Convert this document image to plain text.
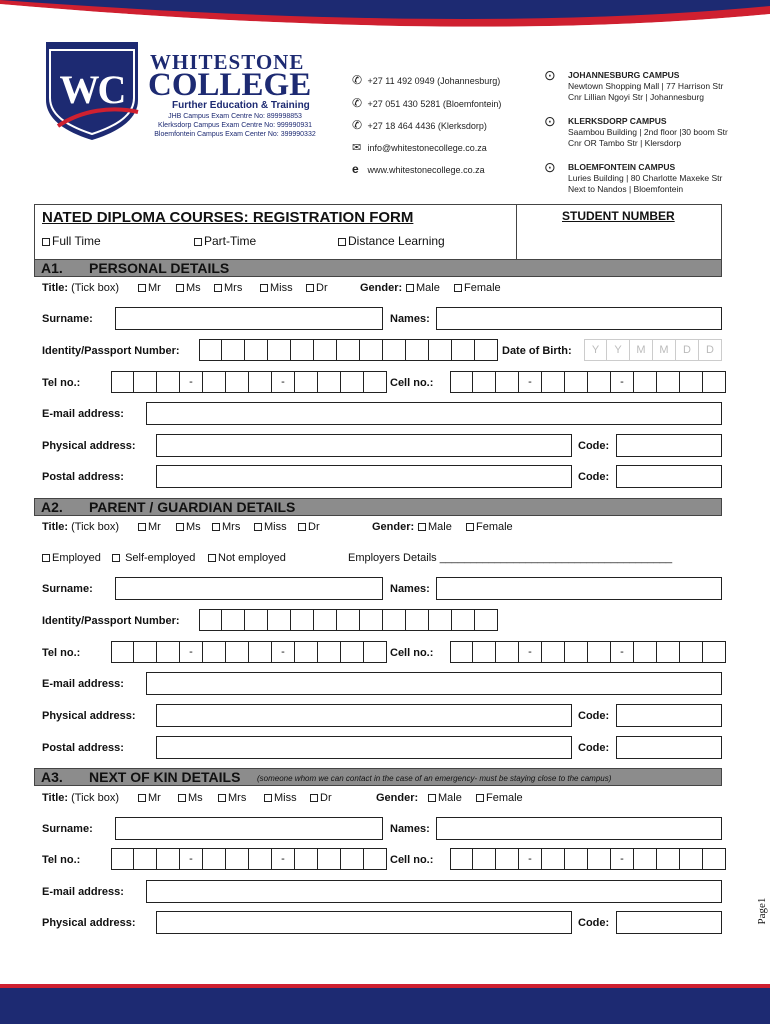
WC
WHITESTONE
COLLEGE
Further Education & Training
JHB Campus Exam Centre No: 899998853
Klerksdorp Campus Exam Centre No: 999990931
Bloemfontein Campus Exam Center No: 399990332
✆ +27 11 492 0949 (Johannesburg)
✆ +27 051 430 5281 (Bloemfontein)
✆ +27 18 464 4436 (Klerksdorp)
✉ info@whitestonecollege.co.za
e www.whitestonecollege.co.za
⊙ JOHANNESBURG CAMPUS
Newtown Shopping Mall | 77 Harrison Str
Cnr Lillian Ngoyi Str | Johannesburg
⊙ KLERKSDORP CAMPUS
Saambou Building | 2nd floor |30 boom Str
Cnr OR Tambo Str | Klersdorp
⊙ BLOEMFONTEIN CAMPUS
Luries Building | 80 Charlotte Maxeke Str
Next to Nandos | Bloemfontein
NATED DIPLOMA COURSES: REGISTRATION FORM	STUDENT NUMBER
Full Time	Part-Time	Distance Learning
A1. PERSONAL DETAILS
Title: (Tick box)	Mr	Ms	Mrs	Miss	Dr	Gender:	Male	Female
Surname:	Names:
Identity/Passport Number:	Date of Birth:	Y	Y	M	M	D	D
Tel no.:	-	-	Cell no.:	-	-
E-mail address:
Physical address:	Code:
Postal address:	Code:
A2. PARENT / GUARDIAN DETAILS
Title: (Tick box)	Mr	Ms	Mrs	Miss	Dr	Gender:	Male	Female
Employed	Self-employed	Not employed	Employers Details ______________________________________
Surname:	Names:
Identity/Passport Number:
Tel no.:	-	-	Cell no.:	-	-
E-mail address:
Physical address:	Code:
Postal address:	Code:
A3. NEXT OF KIN DETAILS (someone whom we can contact in the case of an emergency- must be staying close to the campus)
Title: (Tick box)	Mr	Ms	Mrs	Miss	Dr	Gender:	Male	Female
Surname:	Names:
Tel no.:	-	-	Cell no.:	-	-
E-mail address:
Physical address:	Code:	Page1
